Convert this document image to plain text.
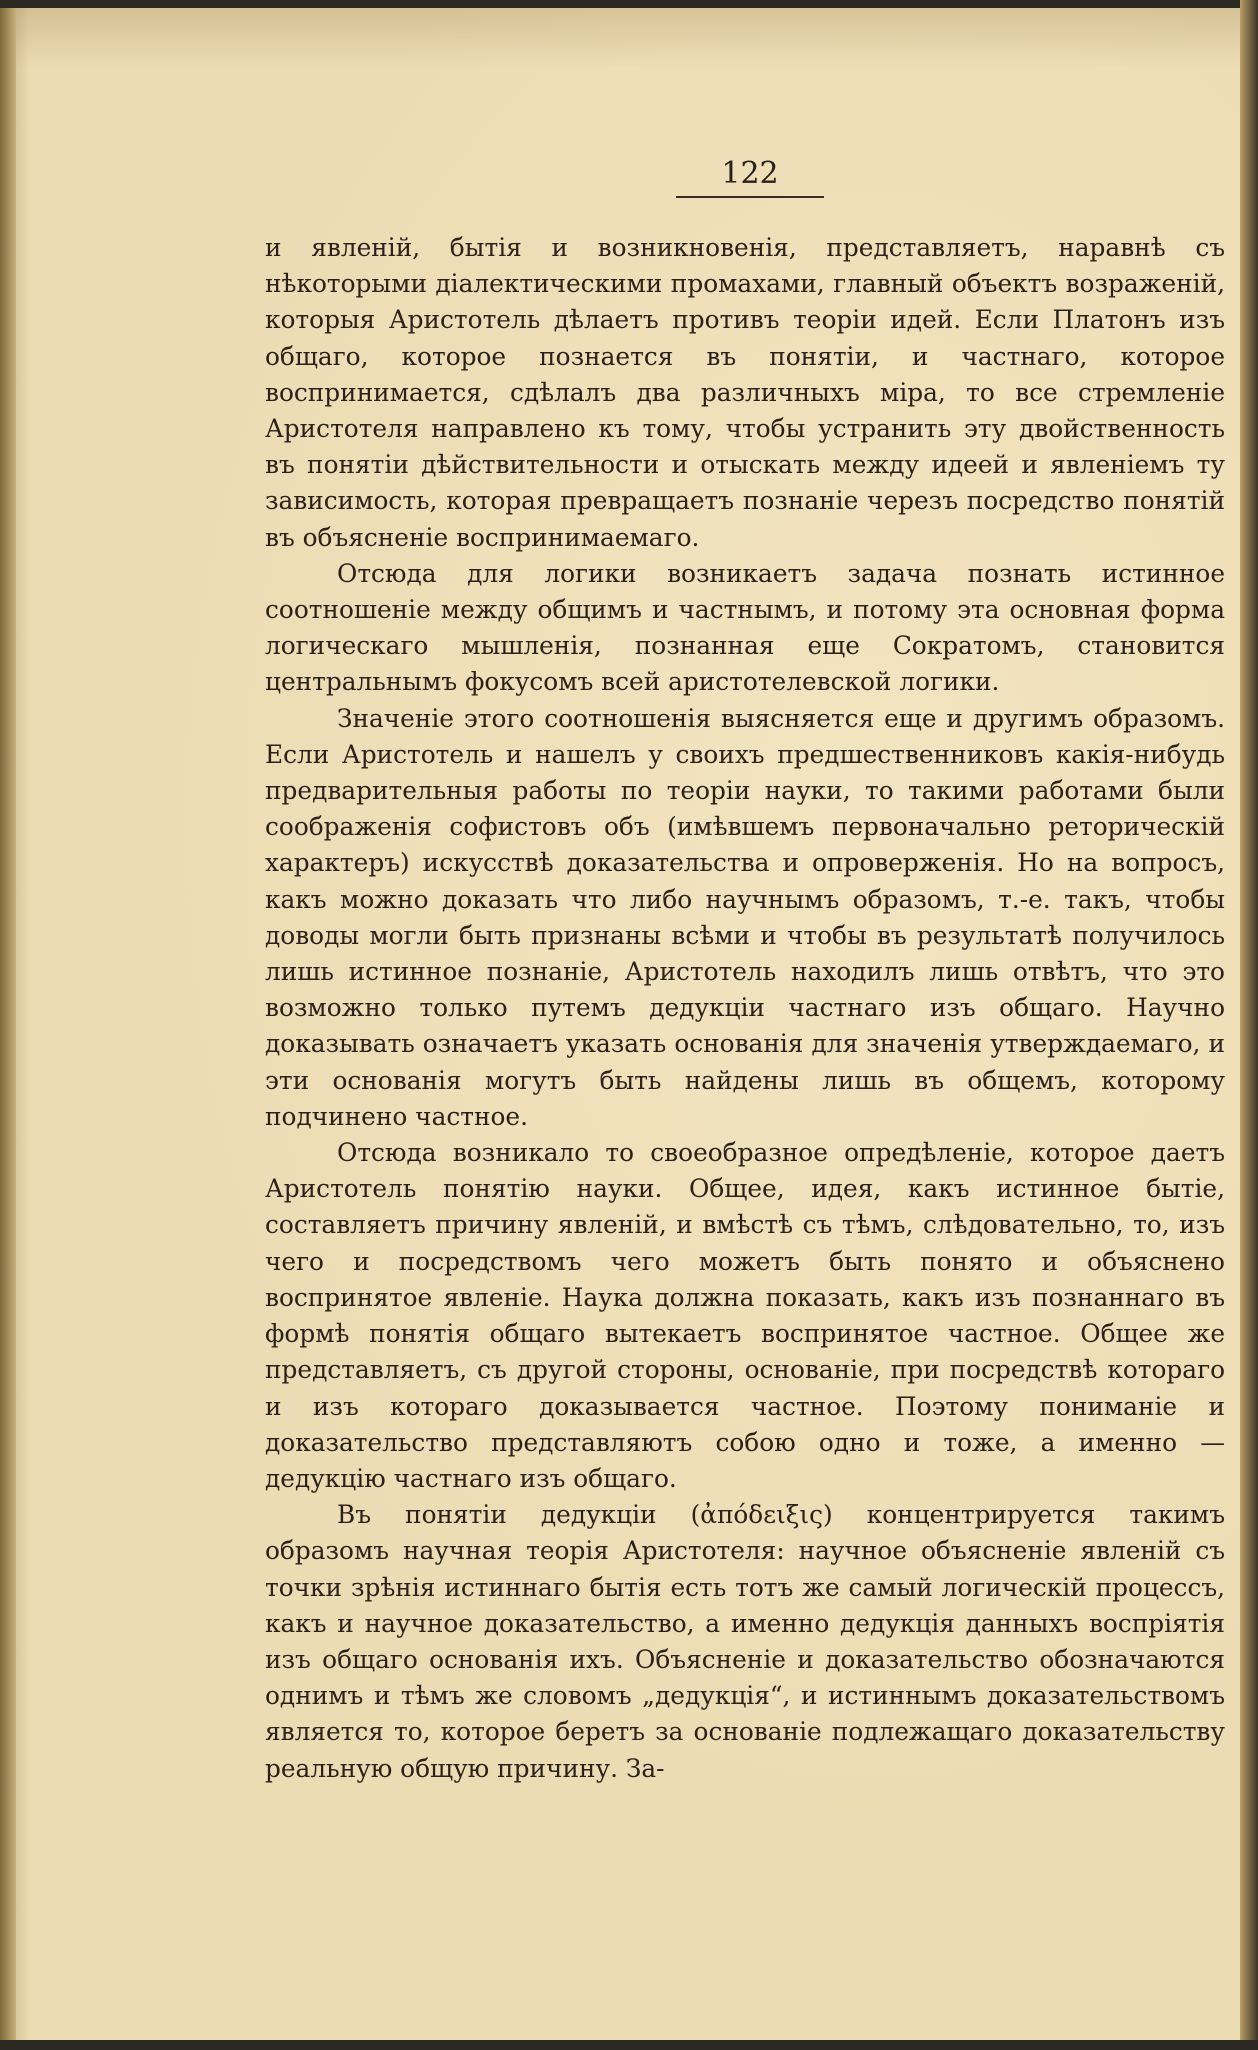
122

и явленій, бытія и возникновенія, представляетъ, наравнѣ съ нѣкоторыми діалектическими промахами, главный объектъ возраженій, которыя Аристотель дѣлаетъ противъ теоріи идей. Если Платонъ изъ общаго, которое познается въ понятіи, и частнаго, которое воспринимается, сдѣлалъ два различныхъ міра, то все стремленіе Аристотеля направлено къ тому, чтобы устранить эту двойственность въ понятіи дѣйствительности и отыскать между идеей и явленіемъ ту зависимость, которая превращаетъ познаніе черезъ посредство понятій въ объясненіе воспринимаемаго.

Отсюда для логики возникаетъ задача познать истинное соотношеніе между общимъ и частнымъ, и потому эта основная форма логическаго мышленія, познанная еще Сократомъ, становится центральнымъ фокусомъ всей аристотелевской логики.

Значеніе этого соотношенія выясняется еще и другимъ образомъ. Если Аристотель и нашелъ у своихъ предшественниковъ какія-нибудь предварительныя работы по теоріи науки, то такими работами были соображенія софистовъ объ (имѣвшемъ первоначально реторическій характеръ) искусствѣ доказательства и опроверженія. Но на вопросъ, какъ можно доказать что либо научнымъ образомъ, т.-е. такъ, чтобы доводы могли быть признаны всѣми и чтобы въ результатѣ получилось лишь истинное познаніе, Аристотель находилъ лишь отвѣтъ, что это возможно только путемъ дедукціи частнаго изъ общаго. Научно доказывать означаетъ указать основанія для значенія утверждаемаго, и эти основанія могутъ быть найдены лишь въ общемъ, которому подчинено частное.

Отсюда возникало то своеобразное опредѣленіе, которое даетъ Аристотель понятію науки. Общее, идея, какъ истинное бытіе, составляетъ причину явленій, и вмѣстѣ съ тѣмъ, слѣдовательно, то, изъ чего и посредствомъ чего можетъ быть понято и объяснено воспринятое явленіе. Наука должна показать, какъ изъ познаннаго въ формѣ понятія общаго вытекаетъ воспринятое частное. Общее же представляетъ, съ другой стороны, основаніе, при посредствѣ котораго и изъ котораго доказывается частное. Поэтому пониманіе и доказательство представляютъ собою одно и тоже, а именно — дедукцію частнаго изъ общаго.

Въ понятіи дедукціи (ἀπόδειξις) концентрируется такимъ образомъ научная теорія Аристотеля: научное объясненіе явленій съ точки зрѣнія истиннаго бытія есть тотъ же самый логическій процессъ, какъ и научное доказательство, а именно дедукція данныхъ воспріятія изъ общаго основанія ихъ. Объясненіе и доказательство обозначаются однимъ и тѣмъ же словомъ „дедукція“, и истиннымъ доказательствомъ является то, которое беретъ за основаніе подлежащаго доказательству реальную общую причину. За-
